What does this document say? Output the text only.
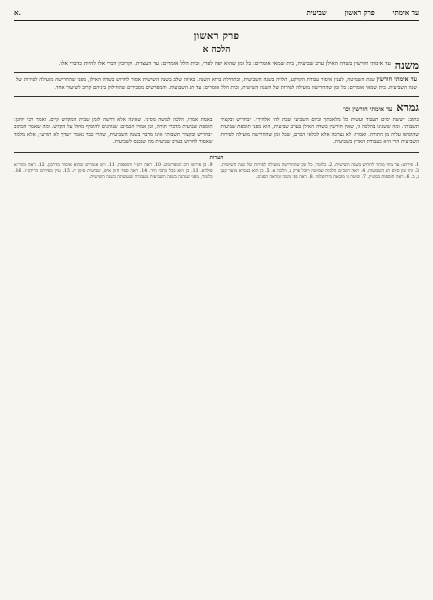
עד אימתי
פרק ראשון
שביעית
א.
פרק ראשון
הלכה א
משנה
עד אימתי חורשין בשדה האילן ערב שביעית, בית שמאי אומרים: כל זמן שהוא יפה לפרי, ובית הלל אומרים: עד העצרת. וקרובין דברי אלו להיות כדברי אלו.
עד אימתי חורשין שנת השמיטה, לענין איסור עבודת הקרקע, תלויה בשנה השביעית, ובתחילת ברוא השנה. באיזה שלב בשנה השישית אסור לחרוש בשדה האילן, מפני שהחרישה מועילה לפירות של שנה השביעית. בית שמאי אומרים: כל זמן שהחרישה מועילה לפירות של השנה השישית, ובית הלל אומרים: עד חג השבועות. והמפרשים מסבירים שהחילוק ביניהם קרוב לשיעור אחד.
גמרא
עד אימתי חורשין וכו׳
כתוב: ״ששת ימים תעבוד ועשית כל מלאכתך וביום השביעי שבת לה׳ אלהיך״. ״בחריש ובקציר תשבות״. ומה ששנינו בהלכה זו, שאין חורשין בשדה האילן בערב שביעית, הוא מפני תוספת שביעית שהוסיפו עליה מן התורה. ואמרו: לא נצרכה אלא לכלאי הכרם, שכל זמן שהחרישה מועילה לפירות השביעית הרי היא כעבודת הארץ בשביעית.
באמת אמרו, הלכה למשה מסיני. שאינה אלא דרשה לזמן שבית המקדש קיים. ואמר רבי יוחנן: תוספת שביעית מדברי תורה, וכן אמרו חכמים: שנוהגים להוסיף מחול על הקדש. ומה שאמר הכתוב ״בחריש ובקציר תשבות״ אינו מדבר בשנה השביעית, שהרי כבר נאמר ״שדך לא תזרע״, אלא מלמד שאסור לחרוש בערב שביעית מה שנכנס לשביעית.
הערות
1. פירוש: עד מתי מותר לחרוש בשנה השישית. 2. כלומר, כל זמן שהחרישה מועילה לפירות של שנה השישית. 3. זהו זמן סיום חג השבועות. 4. ראה רמב״ם הלכות שמיטה ויובל פרק ג, הלכה א. 5. כן הוא בגמרא מועד קטן ג, ב. 6. ראה תוספות בסוגיין. 7. שיטה זו מובאת בירושלמי. 8. ראה פני משה ומראה הפנים.
9. כן פירשו רוב המפרשים. 10. ראה רש״י ותוספות. 11. ויש אומרים שהוא איסור מדרבנן. 12. ראה מהר״א פולדא. 13. כן הוא בכל כתבי היד. 14. ראה ספר חזון איש, שביעית סימן יז. 15. עיין בפירוש הרידב״ז. 16. כלומר, מפני שנהנה בשנה השביעית מעבודה שנעשתה בשנה השישית.
